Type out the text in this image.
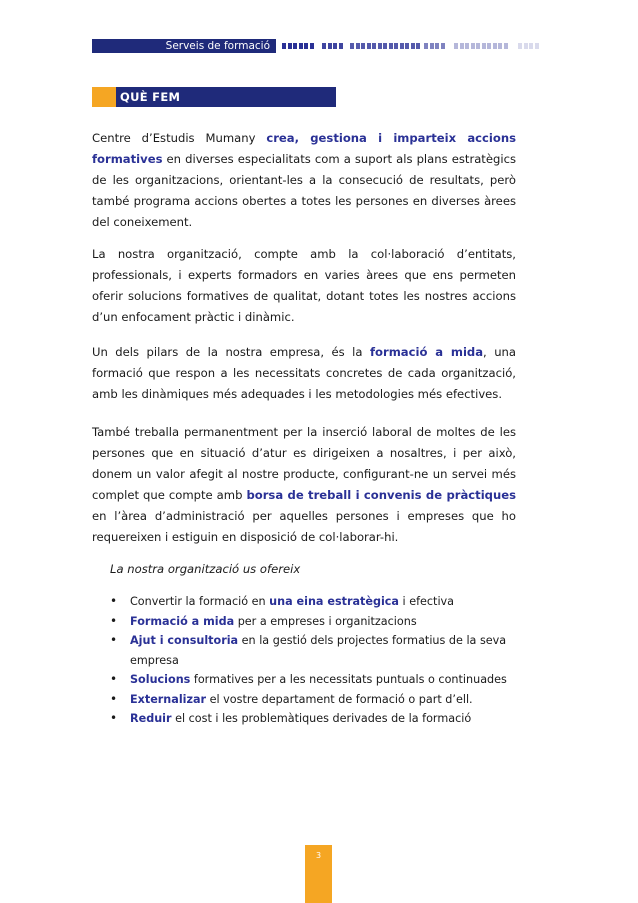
Serveis de formació
QUÈ FEM

Centre d’Estudis Mumany crea, gestiona i imparteix accions formatives en diverses especialitats com a suport als plans estratègics de les organitzacions, orientant-les a la consecució de resultats, però també programa accions obertes a totes les persones en diverses àrees del coneixement.

La nostra organització, compte amb la col·laboració d’entitats, professionals, i experts formadors en varies àrees que ens permeten oferir solucions formatives de qualitat, dotant totes les nostres accions d’un enfocament pràctic i dinàmic.

Un dels pilars de la nostra empresa, és la formació a mida, una formació que respon a les necessitats concretes de cada organització, amb les dinàmiques més adequades i les metodologies més efectives.

També treballa permanentment per la inserció laboral de moltes de les persones que en situació d’atur es dirigeixen a nosaltres, i per això, donem un valor afegit al nostre producte, configurant-ne un servei més complet que compte amb borsa de treball i convenis de pràctiques en l’àrea d’administració per aquelles persones i empreses que ho requereixen i estiguin en disposició de col·laborar-hi.

La nostra organització us ofereix
• Convertir la formació en una eina estratègica i efectiva
• Formació a mida per a empreses i organitzacions
• Ajut i consultoria en la gestió dels projectes formatius de la seva empresa
• Solucions formatives per a les necessitats puntuals o continuades
• Externalizar el vostre departament de formació o part d’ell.
• Reduir el cost i les problemàtiques derivades de la formació
3
